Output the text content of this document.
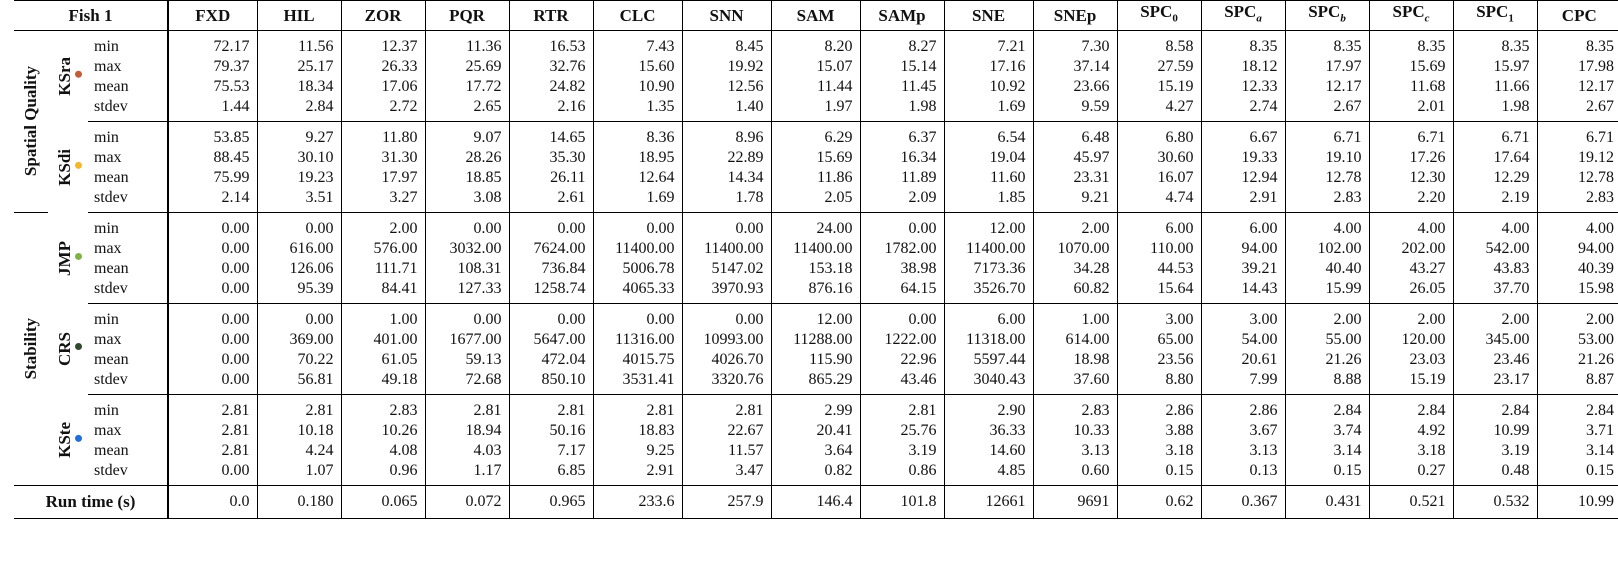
Fish 1			FXD	HIL	ZOR	PQR	RTR	CLC	SNN	SAM	SAMp	SNE	SNEp	$SPC_0$	$SPC_a$	$SPC_b$	$SPC_c$	$SPC_1$	CPC
Spatial Quality	KSra	min	72.17	11.56	12.37	11.36	16.53	7.43	8.45	8.20	8.27	7.21	7.30	8.58	8.35	8.35	8.35	8.35	8.35
		max	79.37	25.17	26.33	25.69	32.76	15.60	19.92	15.07	15.14	17.16	37.14	27.59	18.12	17.97	15.69	15.97	17.98
		mean	75.53	18.34	17.06	17.72	24.82	10.90	12.56	11.44	11.45	10.92	23.66	15.19	12.33	12.17	11.68	11.66	12.17
		stdev	1.44	2.84	2.72	2.65	2.16	1.35	1.40	1.97	1.98	1.69	9.59	4.27	2.74	2.67	2.01	1.98	2.67

	KSdi	min	53.85	9.27	11.80	9.07	14.65	8.36	8.96	6.29	6.37	6.54	6.48	6.80	6.67	6.71	6.71	6.71	6.71
		max	88.45	30.10	31.30	28.26	35.30	18.95	22.89	15.69	16.34	19.04	45.97	30.60	19.33	19.10	17.26	17.64	19.12
		mean	75.99	19.23	17.97	18.85	26.11	12.64	14.34	11.86	11.89	11.60	23.31	16.07	12.94	12.78	12.30	12.29	12.78
		stdev	2.14	3.51	3.27	3.08	2.61	1.69	1.78	2.05	2.09	1.85	9.21	4.74	2.91	2.83	2.20	2.19	2.83
Stability	JMP	min	0.00	0.00	2.00	0.00	0.00	0.00	0.00	24.00	0.00	12.00	2.00	6.00	6.00	4.00	4.00	4.00	4.00
		max	0.00	616.00	576.00	3032.00	7624.00	11400.00	11400.00	11400.00	1782.00	11400.00	1070.00	110.00	94.00	102.00	202.00	542.00	94.00
		mean	0.00	126.06	111.71	108.31	736.84	5006.78	5147.02	153.18	38.98	7173.36	34.28	44.53	39.21	40.40	43.27	43.83	40.39
		stdev	0.00	95.39	84.41	127.33	1258.74	4065.33	3970.93	876.16	64.15	3526.70	60.82	15.64	14.43	15.99	26.05	37.70	15.98

	CRS	min	0.00	0.00	1.00	0.00	0.00	0.00	0.00	12.00	0.00	6.00	1.00	3.00	3.00	2.00	2.00	2.00	2.00
		max	0.00	369.00	401.00	1677.00	5647.00	11316.00	10993.00	11288.00	1222.00	11318.00	614.00	65.00	54.00	55.00	120.00	345.00	53.00
		mean	0.00	70.22	61.05	59.13	472.04	4015.75	4026.70	115.90	22.96	5597.44	18.98	23.56	20.61	21.26	23.03	23.46	21.26
		stdev	0.00	56.81	49.18	72.68	850.10	3531.41	3320.76	865.29	43.46	3040.43	37.60	8.80	7.99	8.88	15.19	23.17	8.87

	KSte	min	2.81	2.81	2.83	2.81	2.81	2.81	2.81	2.99	2.81	2.90	2.83	2.86	2.86	2.84	2.84	2.84	2.84
		max	2.81	10.18	10.26	18.94	50.16	18.83	22.67	20.41	25.76	36.33	10.33	3.88	3.67	3.74	4.92	10.99	3.71
		mean	2.81	4.24	4.08	4.03	7.17	9.25	11.57	3.64	3.19	14.60	3.13	3.18	3.13	3.14	3.18	3.19	3.14
		stdev	0.00	1.07	0.96	1.17	6.85	2.91	3.47	0.82	0.86	4.85	0.60	0.15	0.13	0.15	0.27	0.48	0.15
Run time (s)			0.0	0.180	0.065	0.072	0.965	233.6	257.9	146.4	101.8	12661	9691	0.62	0.367	0.431	0.521	0.532	10.99
